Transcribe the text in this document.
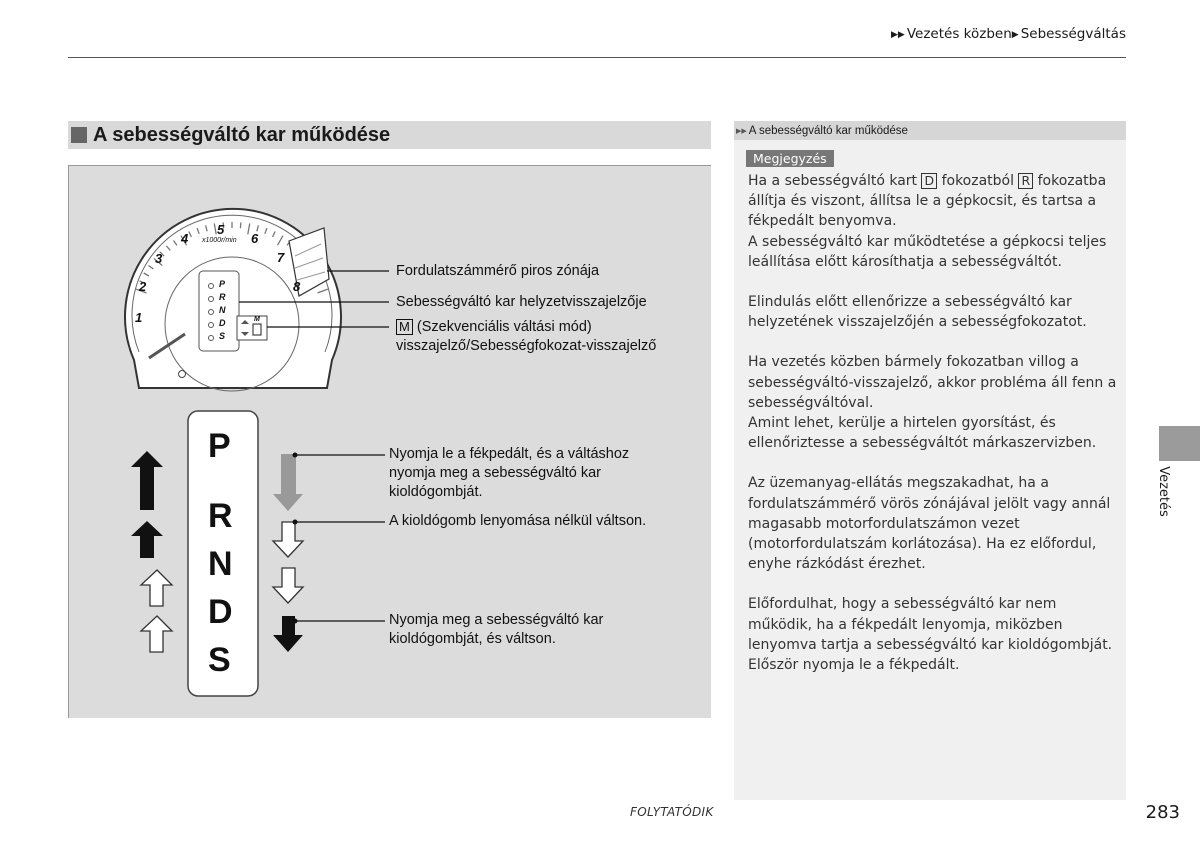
▶▶ Vezetés közben▶ Sebességváltás
A sebességváltó kar működése
1
2
3
4
5
6
7
8
x1000r/min
P
R
N
D
S
M
Fordulatszámmérő piros zónája
Sebességváltó kar helyzetvisszajelzője
M (Szekvenciális váltási mód)
visszajelző/Sebességfokozat-visszajelző
Nyomja le a fékpedált, és a váltáshoz
nyomja meg a sebességváltó kar
kioldógombját.
A kioldógomb lenyomása nélkül váltson.
Nyomja meg a sebességváltó kar
kioldógombját, és váltson.
P
R
N
D
S
▶▶ A sebességváltó kar működése
Megjegyzés

Ha a sebességváltó kart D fokozatból R fokozatba állítja és viszont, állítsa le a gépkocsit, és tartsa a fékpedált benyomva.
A sebességváltó kar működtetése a gépkocsi teljes leállítása előtt károsíthatja a sebességváltót.

Elindulás előtt ellenőrizze a sebességváltó kar helyzetének visszajelzőjén a sebességfokozatot.

Ha vezetés közben bármely fokozatban villog a sebességváltó-visszajelző, akkor probléma áll fenn a sebességváltóval.
Amint lehet, kerülje a hirtelen gyorsítást, és ellenőriztesse a sebességváltót márkaszervizben.

Az üzemanyag-ellátás megszakadhat, ha a fordulatszámmérő vörös zónájával jelölt vagy annál magasabb motorfordulatszámon vezet (motorfordulatszám korlátozása). Ha ez előfordul, enyhe rázkódást érezhet.

Előfordulhat, hogy a sebességváltó kar nem működik, ha a fékpedált lenyomja, miközben lenyomva tartja a sebességváltó kar kioldógombját.
Először nyomja le a fékpedált.

Vezetés
FOLYTATÓDIK	283
